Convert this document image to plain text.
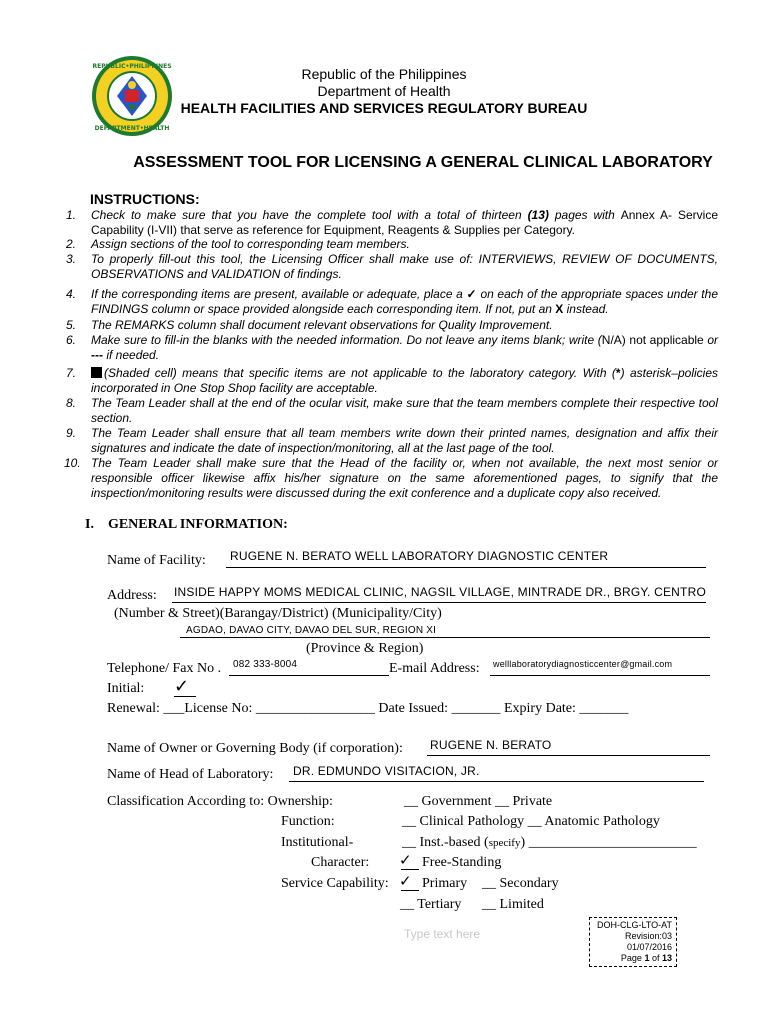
REPUBLIC•PHILIPPINES
DEPARTMENT•HEALTH
Republic of the Philippines
Department of Health
HEALTH FACILITIES AND SERVICES REGULATORY BUREAU
ASSESSMENT TOOL FOR LICENSING A GENERAL CLINICAL LABORATORY
INSTRUCTIONS:
1. Check to make sure that you have the complete tool with a total of thirteen (13) pages with Annex A- Service Capability (I-VII) that serve as reference for Equipment, Reagents & Supplies per Category.
2. Assign sections of the tool to corresponding team members.
3. To properly fill-out this tool, the Licensing Officer shall make use of: INTERVIEWS, REVIEW OF DOCUMENTS, OBSERVATIONS and VALIDATION of findings.
4. If the corresponding items are present, available or adequate, place a ✓ on each of the appropriate spaces under the FINDINGS column or space provided alongside each corresponding item. If not, put an X instead.
5. The REMARKS column shall document relevant observations for Quality Improvement.
6. Make sure to fill-in the blanks with the needed information. Do not leave any items blank; write (N/A) not applicable or --- if needed.
7.	(Shaded cell) means that specific items are not applicable to the laboratory category. With (*) asterisk–policies incorporated in One Stop Shop facility are acceptable.
8. The Team Leader shall at the end of the ocular visit, make sure that the team members complete their respective tool section.
9. The Team Leader shall ensure that all team members write down their printed names, designation and affix their signatures and indicate the date of inspection/monitoring, all at the last page of the tool.
10. The Team Leader shall make sure that the Head of the facility or, when not available, the next most senior or responsible officer likewise affix his/her signature on the same aforementioned pages, to signify that the inspection/monitoring results were discussed during the exit conference and a duplicate copy also received.
I. GENERAL INFORMATION:
Name of Facility: RUGENE N. BERATO WELL LABORATORY DIAGNOSTIC CENTER
Address: INSIDE HAPPY MOMS MEDICAL CLINIC, NAGSIL VILLAGE, MINTRADE DR., BRGY. CENTRO
(Number & Street)(Barangay/District) (Municipality/City)
AGDAO, DAVAO CITY, DAVAO DEL SUR, REGION XI
(Province & Region)
Telephone/ Fax No . 082 333-8004	E-mail Address: welllaboratorydiagnosticcenter@gmail.com
Initial: ✓
Renewal: ___License No: _________________ Date Issued: _______ Expiry Date: _______
Name of Owner or Governing Body (if corporation): RUGENE N. BERATO
Name of Head of Laboratory: DR. EDMUNDO VISITACION, JR.
Classification According to: Ownership:	__ Government __ Private
Function:	__ Clinical Pathology __ Anatomic Pathology
Institutional-	__ Inst.-based (specify) ________________________
Character: ✓ Free-Standing
Service Capability: ✓ Primary __ Secondary
__ Tertiary __ Limited
Type text here
DOH-CLG-LTO-AT
Revision:03
01/07/2016
Page 1 of 13
